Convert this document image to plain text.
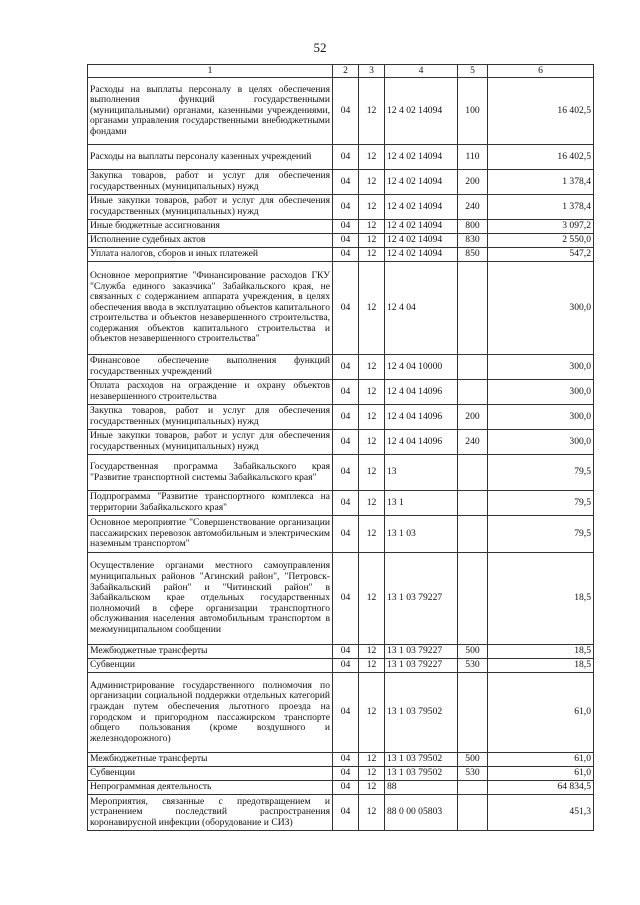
52
1	2	3	4	5	6
Расходы на выплаты персоналу в целях обеспечения выполнения функций государственными (муниципальными) органами, казенными учреждениями, органами управления государственными внебюджетными фондами	04	12	12 4 02 14094	100	16 402,5
Расходы на выплаты персоналу казенных учреждений	04	12	12 4 02 14094	110	16 402,5
Закупка товаров, работ и услуг для обеспечения государственных (муниципальных) нужд	04	12	12 4 02 14094	200	1 378,4
Иные закупки товаров, работ и услуг для обеспечения государственных (муниципальных) нужд	04	12	12 4 02 14094	240	1 378,4
Иные бюджетные ассигнования	04	12	12 4 02 14094	800	3 097,2
Исполнение судебных актов	04	12	12 4 02 14094	830	2 550,0
Уплата налогов, сборов и иных платежей	04	12	12 4 02 14094	850	547,2
Основное мероприятие "Финансирование расходов ГКУ "Служба единого заказчика" Забайкальского края, не связанных с содержанием аппарата учреждения, в целях обеспечения ввода в эксплуатацию объектов капитального строительства и объектов незавершенного строительства, содержания объектов капитального строительства и объектов незавершенного строительства"	04	12	12 4 04		300,0
Финансовое обеспечение выполнения функций государственных учреждений	04	12	12 4 04 10000		300,0
Оплата расходов на ограждение и охрану объектов незавершенного строительства	04	12	12 4 04 14096		300,0
Закупка товаров, работ и услуг для обеспечения государственных (муниципальных) нужд	04	12	12 4 04 14096	200	300,0
Иные закупки товаров, работ и услуг для обеспечения государственных (муниципальных) нужд	04	12	12 4 04 14096	240	300,0
Государственная программа Забайкальского края "Развитие транспортной системы Забайкальского края"	04	12	13		79,5
Подпрограмма "Развитие транспортного комплекса на территории Забайкальского края"	04	12	13 1		79,5
Основное мероприятие "Совершенствование организации пассажирских перевозок автомобильным и электрическим наземным транспортом"	04	12	13 1 03		79,5
Осуществление органами местного самоуправления муниципальных районов "Агинский район", "Петровск-Забайкальский район" и "Читинский район" в Забайкальском крае отдельных государственных полномочий в сфере организации транспортного обслуживания населения автомобильным транспортом в межмуниципальном сообщении	04	12	13 1 03 79227		18,5
Межбюджетные трансферты	04	12	13 1 03 79227	500	18,5
Субвенции	04	12	13 1 03 79227	530	18,5
Администрирование государственного полномочия по организации социальной поддержки отдельных категорий граждан путем обеспечения льготного проезда на городском и пригородном пассажирском транспорте общего пользования (кроме воздушного и железнодорожного)	04	12	13 1 03 79502		61,0
Межбюджетные трансферты	04	12	13 1 03 79502	500	61,0
Субвенции	04	12	13 1 03 79502	530	61,0
Непрограммная деятельность	04	12	88		64 834,5
Мероприятия, связанные с предотвращением и устранением последствий распространения коронавирусной инфекции (оборудование и СИЗ)	04	12	88 0 00 05803		451,3
